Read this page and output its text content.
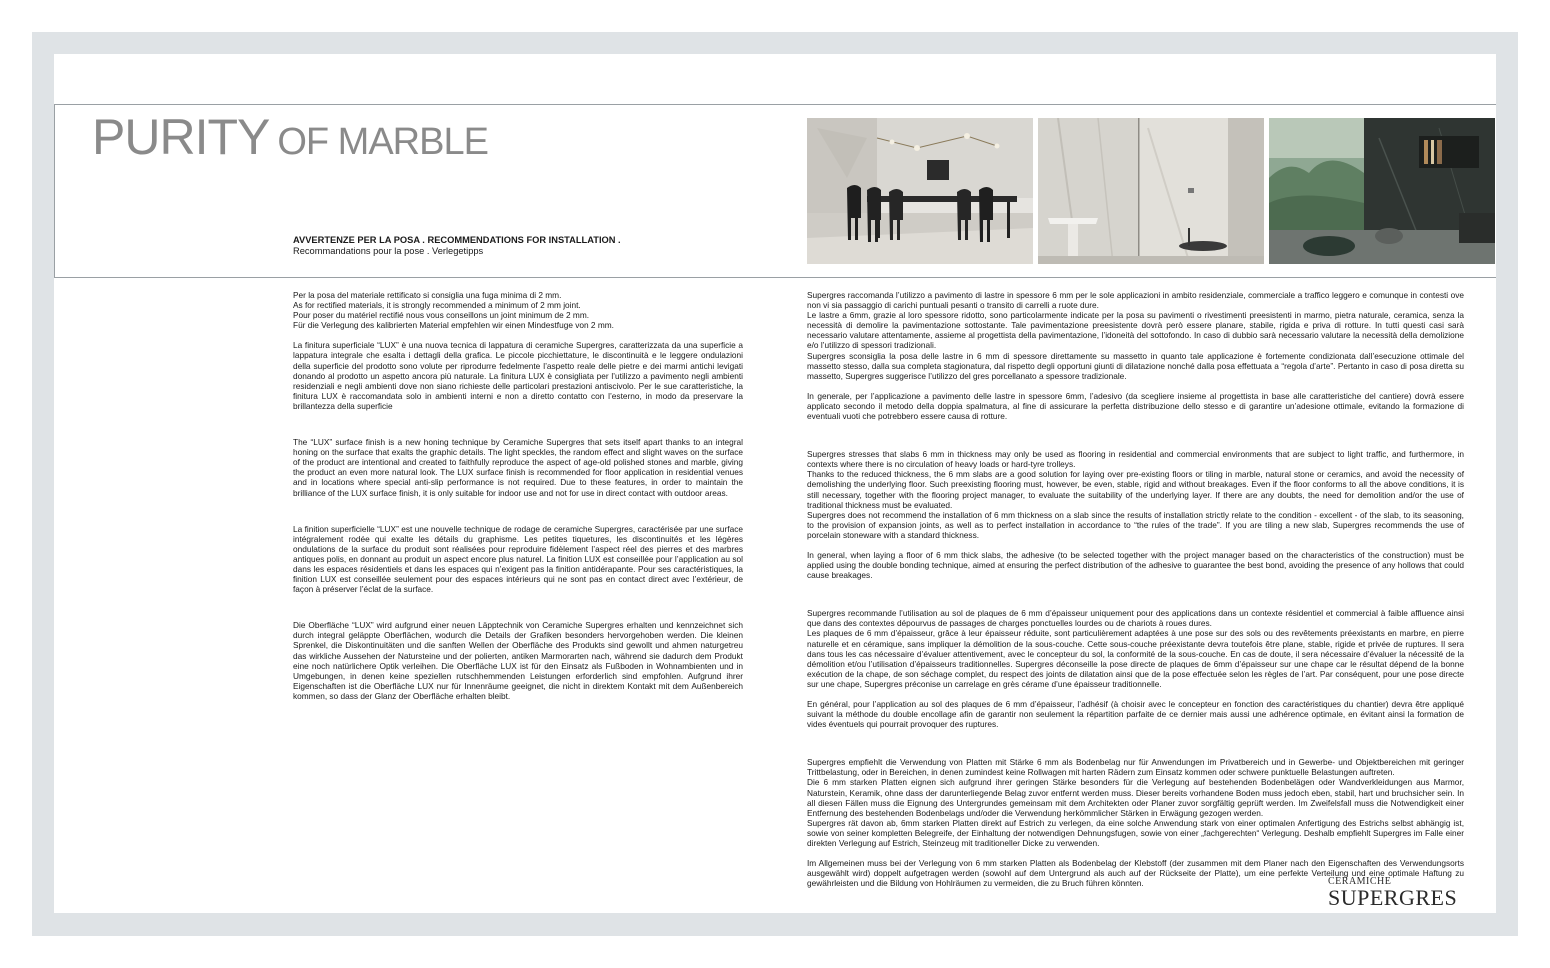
PURITY OF MARBLE
AVVERTENZE PER LA POSA . RECOMMENDATIONS FOR INSTALLATION .
Recommandations pour la pose . Verlegetipps

Per la posa del materiale rettificato si consiglia una fuga minima di 2 mm.

As for rectified materials, it is strongly recommended a minimum of 2 mm joint.

Pour poser du matériel rectifié nous vous conseillons un joint minimum de 2 mm.

Für die Verlegung des kalibrierten Material empfehlen wir einen Mindestfuge von 2 mm.

La finitura superficiale “LUX” è una nuova tecnica di lappatura di ceramiche Supergres, caratterizzata da una superficie a lappatura integrale che esalta i dettagli della grafica. Le piccole picchiettature, le discontinuità e le leggere ondulazioni della superficie del prodotto sono volute per riprodurre fedelmente l’aspetto reale delle pietre e dei marmi antichi levigati donando al prodotto un aspetto ancora più naturale. La finitura LUX è consigliata per l’utilizzo a pavimento negli ambienti residenziali e negli ambienti dove non siano richieste delle particolari prestazioni antiscivolo. Per le sue caratteristiche, la finitura LUX è raccomandata solo in ambienti interni e non a diretto contatto con l’esterno, in modo da preservare la brillantezza della superficie

The “LUX” surface finish is a new honing technique by Ceramiche Supergres that sets itself apart thanks to an integral honing on the surface that exalts the graphic details. The light speckles, the random effect and slight waves on the surface of the product are intentional and created to faithfully reproduce the aspect of age-old polished stones and marble, giving the product an even more natural look. The LUX surface finish is recommended for floor application in residential venues and in locations where special anti-slip performance is not required. Due to these features, in order to maintain the brilliance of the LUX surface finish, it is only suitable for indoor use and not for use in direct contact with outdoor areas.

La finition superficielle “LUX” est une nouvelle technique de rodage de ceramiche Supergres, caractérisée par une surface intégralement rodée qui exalte les détails du graphisme. Les petites tiquetures, les discontinuités et les légères ondulations de la surface du produit sont réalisées pour reproduire fidèlement l’aspect réel des pierres et des marbres antiques polis, en donnant au produit un aspect encore plus naturel. La finition LUX est conseillée pour l’application au sol dans les espaces résidentiels et dans les espaces qui n’exigent pas la finition antidérapante. Pour ses caractéristiques, la finition LUX est conseillée seulement pour des espaces intérieurs qui ne sont pas en contact direct avec l’extérieur, de façon à préserver l’éclat de la surface.

Die Oberfläche “LUX” wird aufgrund einer neuen Läpptechnik von Ceramiche Supergres erhalten und kennzeichnet sich durch integral geläppte Oberflächen, wodurch die Details der Grafiken besonders hervorgehoben werden. Die kleinen Sprenkel, die Diskontinuitäten und die sanften Wellen der Oberfläche des Produkts sind gewollt und ahmen naturgetreu das wirkliche Aussehen der Natursteine und der polierten, antiken Marmorarten nach, während sie dadurch dem Produkt eine noch natürlichere Optik verleihen. Die Oberfläche LUX ist für den Einsatz als Fußboden in Wohnambienten und in Umgebungen, in denen keine speziellen rutschhemmenden Leistungen erforderlich sind empfohlen. Aufgrund ihrer Eigenschaften ist die Oberfläche LUX nur für Innenräume geeignet, die nicht in direktem Kontakt mit dem Außenbereich kommen, so dass der Glanz der Oberfläche erhalten bleibt.

Supergres raccomanda l’utilizzo a pavimento di lastre in spessore 6 mm per le sole applicazioni in ambito residenziale, commerciale a traffico leggero e comunque in contesti ove non vi sia passaggio di carichi puntuali pesanti o transito di carrelli a ruote dure.

Le lastre a 6mm, grazie al loro spessore ridotto, sono particolarmente indicate per la posa su pavimenti o rivestimenti preesistenti in marmo, pietra naturale, ceramica, senza la necessità di demolire la pavimentazione sottostante. Tale pavimentazione preesistente dovrà però essere planare, stabile, rigida e priva di rotture. In tutti questi casi sarà necessario valutare attentamente, assieme al progettista della pavimentazione, l’idoneità del sottofondo. In caso di dubbio sarà necessario valutare la necessità della demolizione e/o l’utilizzo di spessori tradizionali.

Supergres sconsiglia la posa delle lastre in 6 mm di spessore direttamente su massetto in quanto tale applicazione è fortemente condizionata dall’esecuzione ottimale del massetto stesso, dalla sua completa stagionatura, dal rispetto degli opportuni giunti di dilatazione nonché dalla posa effettuata a “regola d’arte”. Pertanto in caso di posa diretta su massetto, Supergres suggerisce l’utilizzo del gres porcellanato a spessore tradizionale.

In generale, per l’applicazione a pavimento delle lastre in spessore 6mm, l’adesivo (da scegliere insieme al progettista in base alle caratteristiche del cantiere) dovrà essere applicato secondo il metodo della doppia spalmatura, al fine di assicurare la perfetta distribuzione dello stesso e di garantire un’adesione ottimale, evitando la formazione di eventuali vuoti che potrebbero essere causa di rotture.

Supergres stresses that slabs 6 mm in thickness may only be used as flooring in residential and commercial environments that are subject to light traffic, and furthermore, in contexts where there is no circulation of heavy loads or hard-tyre trolleys.

Thanks to the reduced thickness, the 6 mm slabs are a good solution for laying over pre-existing floors or tiling in marble, natural stone or ceramics, and avoid the necessity of demolishing the underlying floor. Such preexisting flooring must, however, be even, stable, rigid and without breakages. Even if the floor conforms to all the above conditions, it is still necessary, together with the flooring project manager, to evaluate the suitability of the underlying layer. If there are any doubts, the need for demolition and/or the use of traditional thickness must be evaluated.

Supergres does not recommend the installation of 6 mm thickness on a slab since the results of installation strictly relate to the condition - excellent - of the slab, to its seasoning, to the provision of expansion joints, as well as to perfect installation in accordance to “the rules of the trade”. If you are tiling a new slab, Supergres recommends the use of porcelain stoneware with a standard thickness.

In general, when laying a floor of 6 mm thick slabs, the adhesive (to be selected together with the project manager based on the characteristics of the construction) must be applied using the double bonding technique, aimed at ensuring the perfect distribution of the adhesive to guarantee the best bond, avoiding the presence of any hollows that could cause breakages.

Supergres recommande l’utilisation au sol de plaques de 6 mm d’épaisseur uniquement pour des applications dans un contexte résidentiel et commercial à faible affluence ainsi que dans des contextes dépourvus de passages de charges ponctuelles lourdes ou de chariots à roues dures.

Les plaques de 6 mm d’épaisseur, grâce à leur épaisseur réduite, sont particulièrement adaptées à une pose sur des sols ou des revêtements préexistants en marbre, en pierre naturelle et en céramique, sans impliquer la démolition de la sous-couche. Cette sous-couche préexistante devra toutefois être plane, stable, rigide et privée de ruptures. Il sera dans tous les cas nécessaire d’évaluer attentivement, avec le concepteur du sol, la conformité de la sous-couche. En cas de doute, il sera nécessaire d’évaluer la nécessité de la démolition et/ou l’utilisation d’épaisseurs traditionnelles. Supergres déconseille la pose directe de plaques de 6mm d’épaisseur sur une chape car le résultat dépend de la bonne exécution de la chape, de son séchage complet, du respect des joints de dilatation ainsi que de la pose effectuée selon les règles de l’art. Par conséquent, pour une pose directe sur une chape, Supergres préconise un carrelage en grès cérame d’une épaisseur traditionnelle.

En général, pour l’application au sol des plaques de 6 mm d’épaisseur, l’adhésif (à choisir avec le concepteur en fonction des caractéristiques du chantier) devra être appliqué suivant la méthode du double encollage afin de garantir non seulement la répartition parfaite de ce dernier mais aussi une adhérence optimale, en évitant ainsi la formation de vides éventuels qui pourrait provoquer des ruptures.

Supergres empfiehlt die Verwendung von Platten mit Stärke 6 mm als Bodenbelag nur für Anwendungen im Privatbereich und in Gewerbe- und Objektbereichen mit geringer Trittbelastung, oder in Bereichen, in denen zumindest keine Rollwagen mit harten Rädern zum Einsatz kommen oder schwere punktuelle Belastungen auftreten.

Die 6 mm starken Platten eignen sich aufgrund ihrer geringen Stärke besonders für die Verlegung auf bestehenden Bodenbelägen oder Wandverkleidungen aus Marmor, Naturstein, Keramik, ohne dass der darunterliegende Belag zuvor entfernt werden muss. Dieser bereits vorhandene Boden muss jedoch eben, stabil, hart und bruchsicher sein. In all diesen Fällen muss die Eignung des Untergrundes gemeinsam mit dem Architekten oder Planer zuvor sorgfältig geprüft werden. Im Zweifelsfall muss die Notwendigkeit einer Entfernung des bestehenden Bodenbelags und/oder die Verwendung herkömmlicher Stärken in Erwägung gezogen werden.

Supergres rät davon ab, 6mm starken Platten direkt auf Estrich zu verlegen, da eine solche Anwendung stark von einer optimalen Anfertigung des Estrichs selbst abhängig ist, sowie von seiner kompletten Belegreife, der Einhaltung der notwendigen Dehnungsfugen, sowie von einer „fachgerechten“ Verlegung. Deshalb empfiehlt Supergres im Falle einer direkten Verlegung auf Estrich, Steinzeug mit traditioneller Dicke zu verwenden.

Im Allgemeinen muss bei der Verlegung von 6 mm starken Platten als Bodenbelag der Klebstoff (der zusammen mit dem Planer nach den Eigenschaften des Verwendungsorts ausgewählt wird) doppelt aufgetragen werden (sowohl auf dem Untergrund als auch auf der Rückseite der Platte), um eine perfekte Verteilung und eine optimale Haftung zu gewährleisten und die Bildung von Hohlräumen zu vermeiden, die zu Bruch führen könnten.	CERAMICHE
SUPERGRES
